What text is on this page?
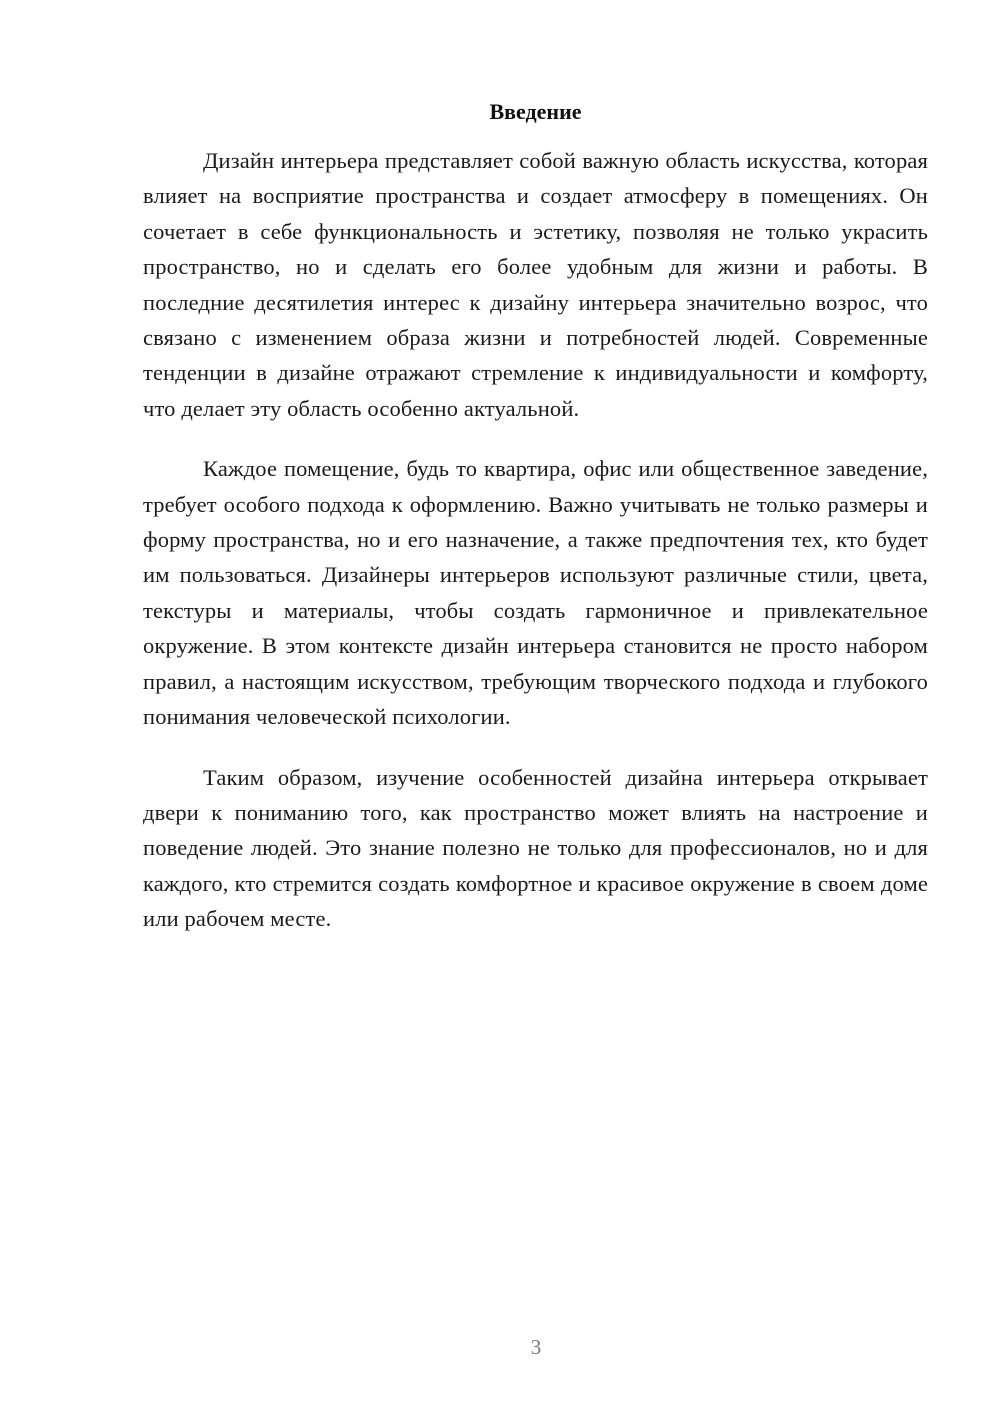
Введение

Дизайн интерьера представляет собой важную область искусства, которая влияет на восприятие пространства и создает атмосферу в помещениях. Он сочетает в себе функциональность и эстетику, позволяя не только украсить пространство, но и сделать его более удобным для жизни и работы. В последние десятилетия интерес к дизайну интерьера значительно возрос, что связано с изменением образа жизни и потребностей людей. Современные тенденции в дизайне отражают стремление к индивидуальности и комфорту, что делает эту область особенно актуальной.

Каждое помещение, будь то квартира, офис или общественное заведение, требует особого подхода к оформлению. Важно учитывать не только размеры и форму пространства, но и его назначение, а также предпочтения тех, кто будет им пользоваться. Дизайнеры интерьеров используют различные стили, цвета, текстуры и материалы, чтобы создать гармоничное и привлекательное окружение. В этом контексте дизайн интерьера становится не просто набором правил, а настоящим искусством, требующим творческого подхода и глубокого понимания человеческой психологии.

Таким образом, изучение особенностей дизайна интерьера открывает двери к пониманию того, как пространство может влиять на настроение и поведение людей. Это знание полезно не только для профессионалов, но и для каждого, кто стремится создать комфортное и красивое окружение в своем доме или рабочем месте.

3
